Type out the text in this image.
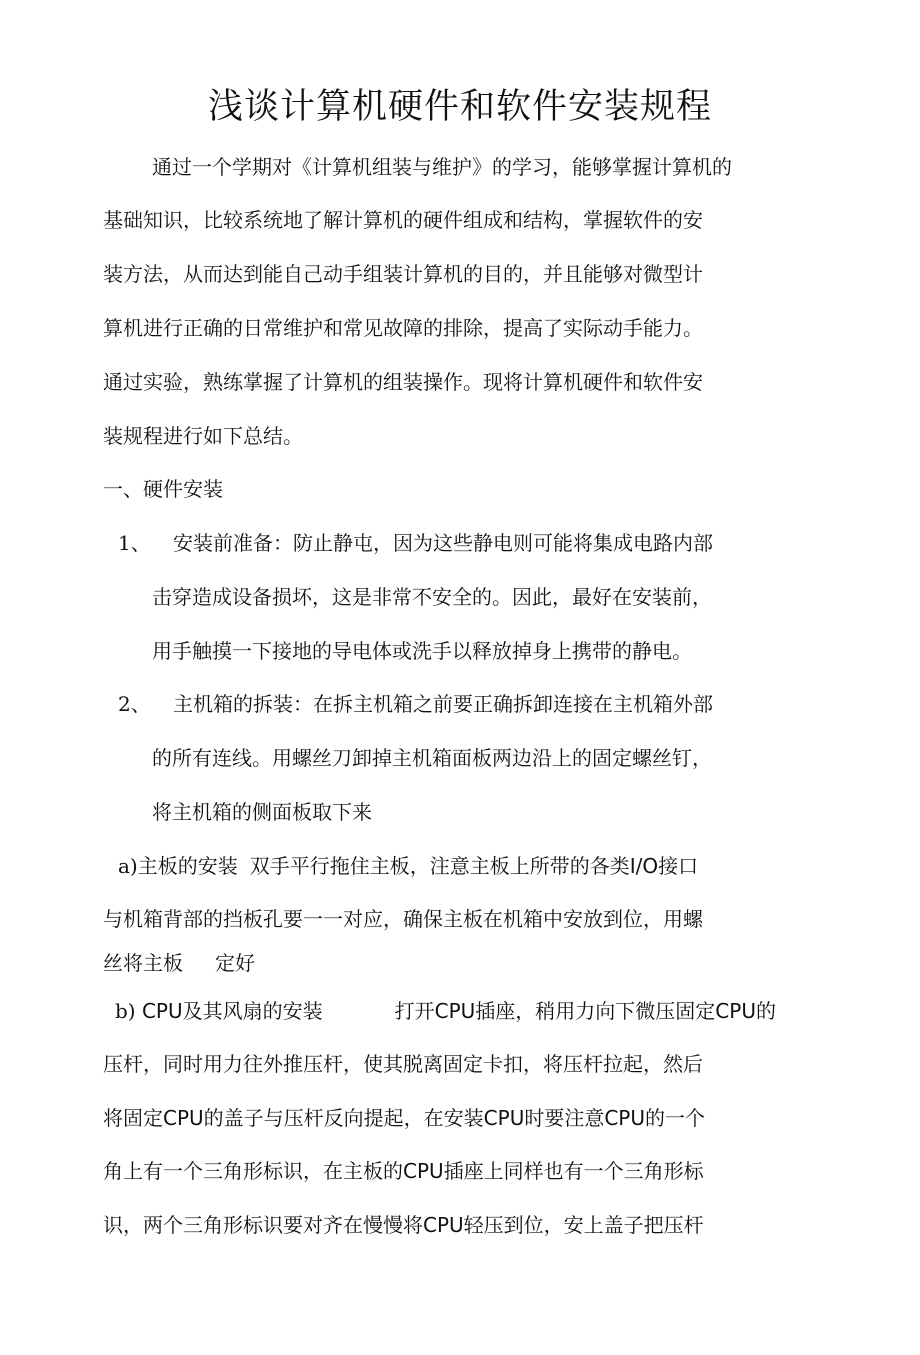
浅谈计算机硬件和软件安装规程
通过一个学期对《计算机组装与维护》的学习，能够掌握计算机的
基础知识，比较系统地了解计算机的硬件组成和结构，掌握软件的安
装方法，从而达到能自己动手组装计算机的目的，并且能够对微型计
算机进行正确的日常维护和常见故障的排除，提高了实际动手能力。
通过实验，熟练掌握了计算机的组装操作。现将计算机硬件和软件安
装规程进行如下总结。
一、硬件安装
1、 安装前准备：防止静屯，因为这些静电则可能将集成电路内部
击穿造成设备损坏，这是非常不安全的。因此，最好在安装前，
用手触摸一下接地的导电体或洗手以释放掉身上携带的静电。
2、 主机箱的拆装：在拆主机箱之前要正确拆卸连接在主机箱外部
的所有连线。用螺丝刀卸掉主机箱面板两边沿上的固定螺丝钉，
将主机箱的侧面板取下来
a)主板的安装 双手平行拖住主板，注意主板上所带的各类I/O接口
与机箱背部的挡板孔要一一对应，确保主板在机箱中安放到位，用螺
丝将主板 定好
b) CPU及其风扇的安装	打开CPU插座，稍用力向下微压固定CPU的
压杆，同时用力往外推压杆，使其脱离固定卡扣，将压杆拉起，然后
将固定CPU的盖子与压杆反向提起，在安装CPU时要注意CPU的一个
角上有一个三角形标识，在主板的CPU插座上同样也有一个三角形标
识，两个三角形标识要对齐在慢慢将CPU轻压到位，安上盖子把压杆
